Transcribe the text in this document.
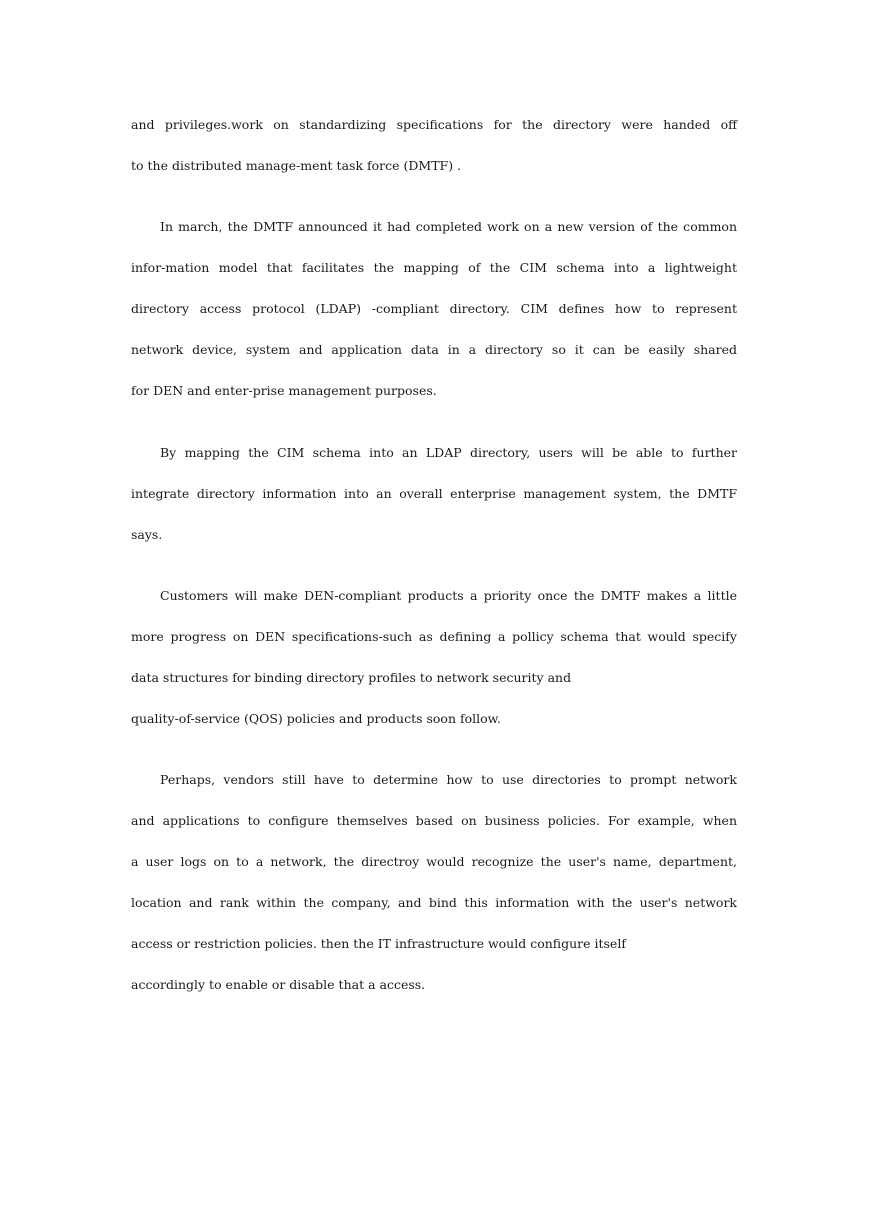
and privileges.work on standardizing specifications for the directory were handed off

to the distributed manage-ment task force (DMTF) .

In march, the DMTF announced it had completed work on a new version of the common

infor-mation model that facilitates the mapping of the CIM schema into a lightweight

directory access protocol (LDAP) -compliant directory. CIM defines how to represent

network device, system and application data in a directory so it can be easily shared

for DEN and enter-prise management purposes.

By mapping the CIM schema into an LDAP directory, users will be able to further

integrate directory information into an overall enterprise management system, the DMTF

says.

Customers will make DEN-compliant products a priority once the DMTF makes a little

more progress on DEN specifications-such as defining a pollicy schema that would specify

data structures for binding directory profiles to network security and

quality-of-service (QOS) policies and products soon follow.

Perhaps, vendors still have to determine how to use directories to prompt network

and applications to configure themselves based on business policies. For example, when

a user logs on to a network, the directroy would recognize the user's name, department,

location and rank within the company, and bind this information with the user's network

access or restriction policies. then the IT infrastructure would configure itself

accordingly to enable or disable that a access.
